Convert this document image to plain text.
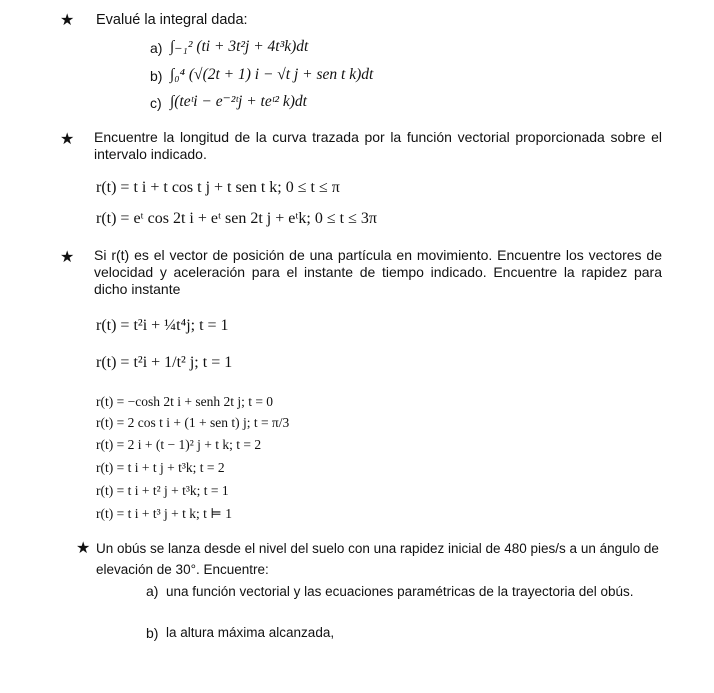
★ Evalué la integral dada:
a) ∫₋₁² (ti + 3t²j + 4t³k)dt
b) ∫₀⁴ (√(2t + 1) i − √t j + sen t k)dt
c) ∫(teᵗi − e⁻²ᵗj + teᵗ² k)dt
★ Encuentre la longitud de la curva trazada por la función vectorial proporcionada sobre el intervalo indicado.
r(t) = t i + t cos t j + t sen t k; 0 ≤ t ≤ π
r(t) = eᵗ cos 2t i + eᵗ sen 2t j + eᵗk; 0 ≤ t ≤ 3π
★ Si r(t) es el vector de posición de una partícula en movimiento. Encuentre los vectores de velocidad y aceleración para el instante de tiempo indicado. Encuentre la rapidez para dicho instante
r(t) = t²i + ¼t⁴j; t = 1
r(t) = t²i + 1/t² j; t = 1
r(t) = −cosh 2t i + senh 2t j; t = 0
r(t) = 2 cos t i + (1 + sen t) j; t = π/3
r(t) = 2 i + (t − 1)² j + t k; t = 2
r(t) = t i + t j + t³k; t = 2
r(t) = t i + t² j + t³k; t = 1
r(t) = t i + t³ j + t k; t ⊨ 1
★ Un obús se lanza desde el nivel del suelo con una rapidez inicial de 480 pies/s a un ángulo de elevación de 30°. Encuentre:
a) una función vectorial y las ecuaciones paramétricas de la trayectoria del obús.
b) la altura máxima alcanzada,
